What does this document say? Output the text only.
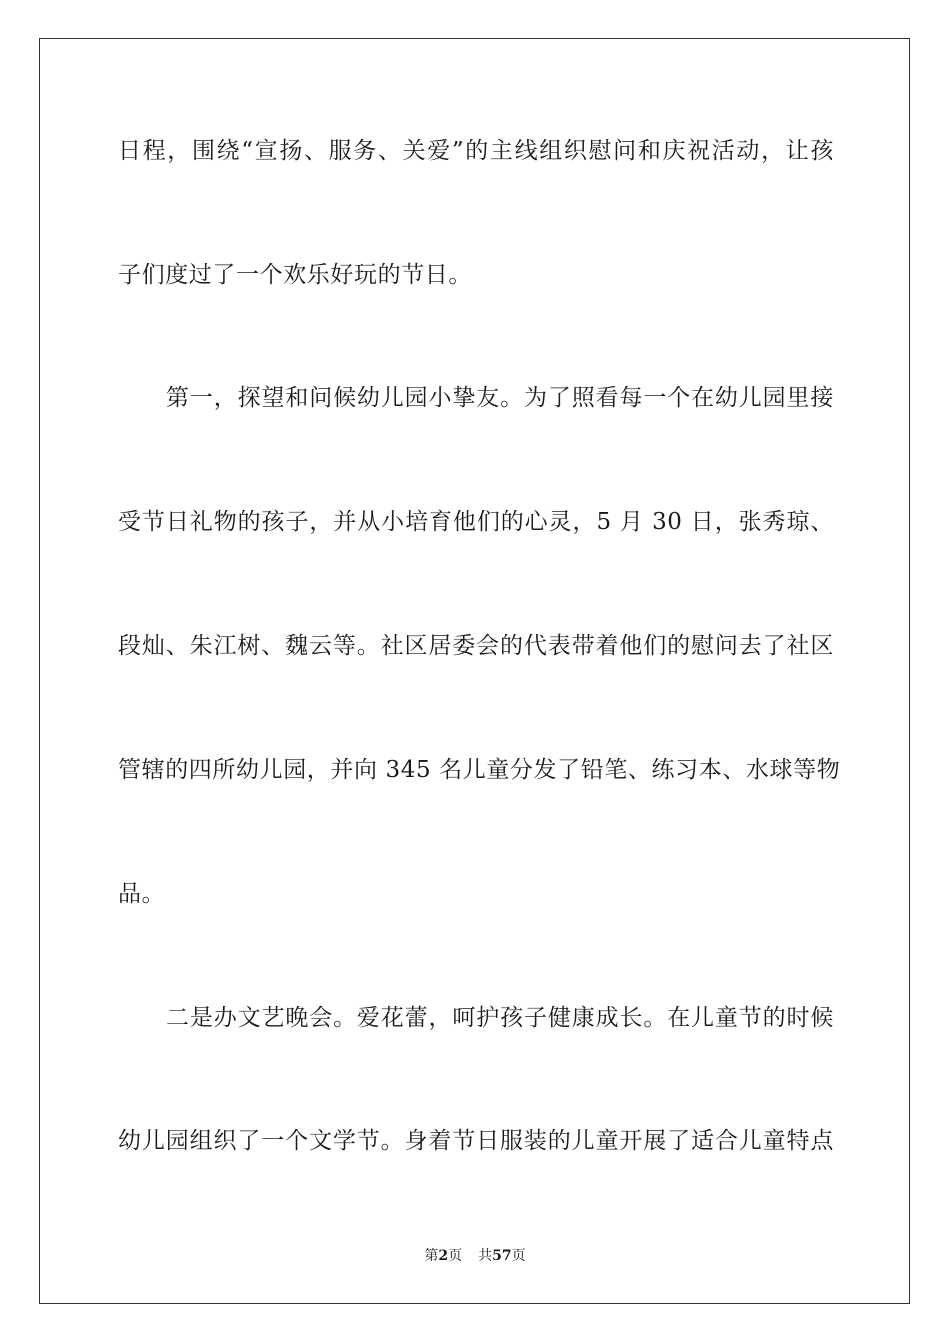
日程，围绕“宣扬、服务、关爱”的主线组织慰问和庆祝活动，让孩
子们度过了一个欢乐好玩的节日。
第一，探望和问候幼儿园小挚友。为了照看每一个在幼儿园里接
受节日礼物的孩子，并从小培育他们的心灵，5 月 30 日，张秀琼、
段灿、朱江树、魏云等。社区居委会的代表带着他们的慰问去了社区
管辖的四所幼儿园，并向 345 名儿童分发了铅笔、练习本、水球等物
品。
二是办文艺晚会。爱花蕾，呵护孩子健康成长。在儿童节的时候
幼儿园组织了一个文学节。身着节日服装的儿童开展了适合儿童特点
第2页 共57页
